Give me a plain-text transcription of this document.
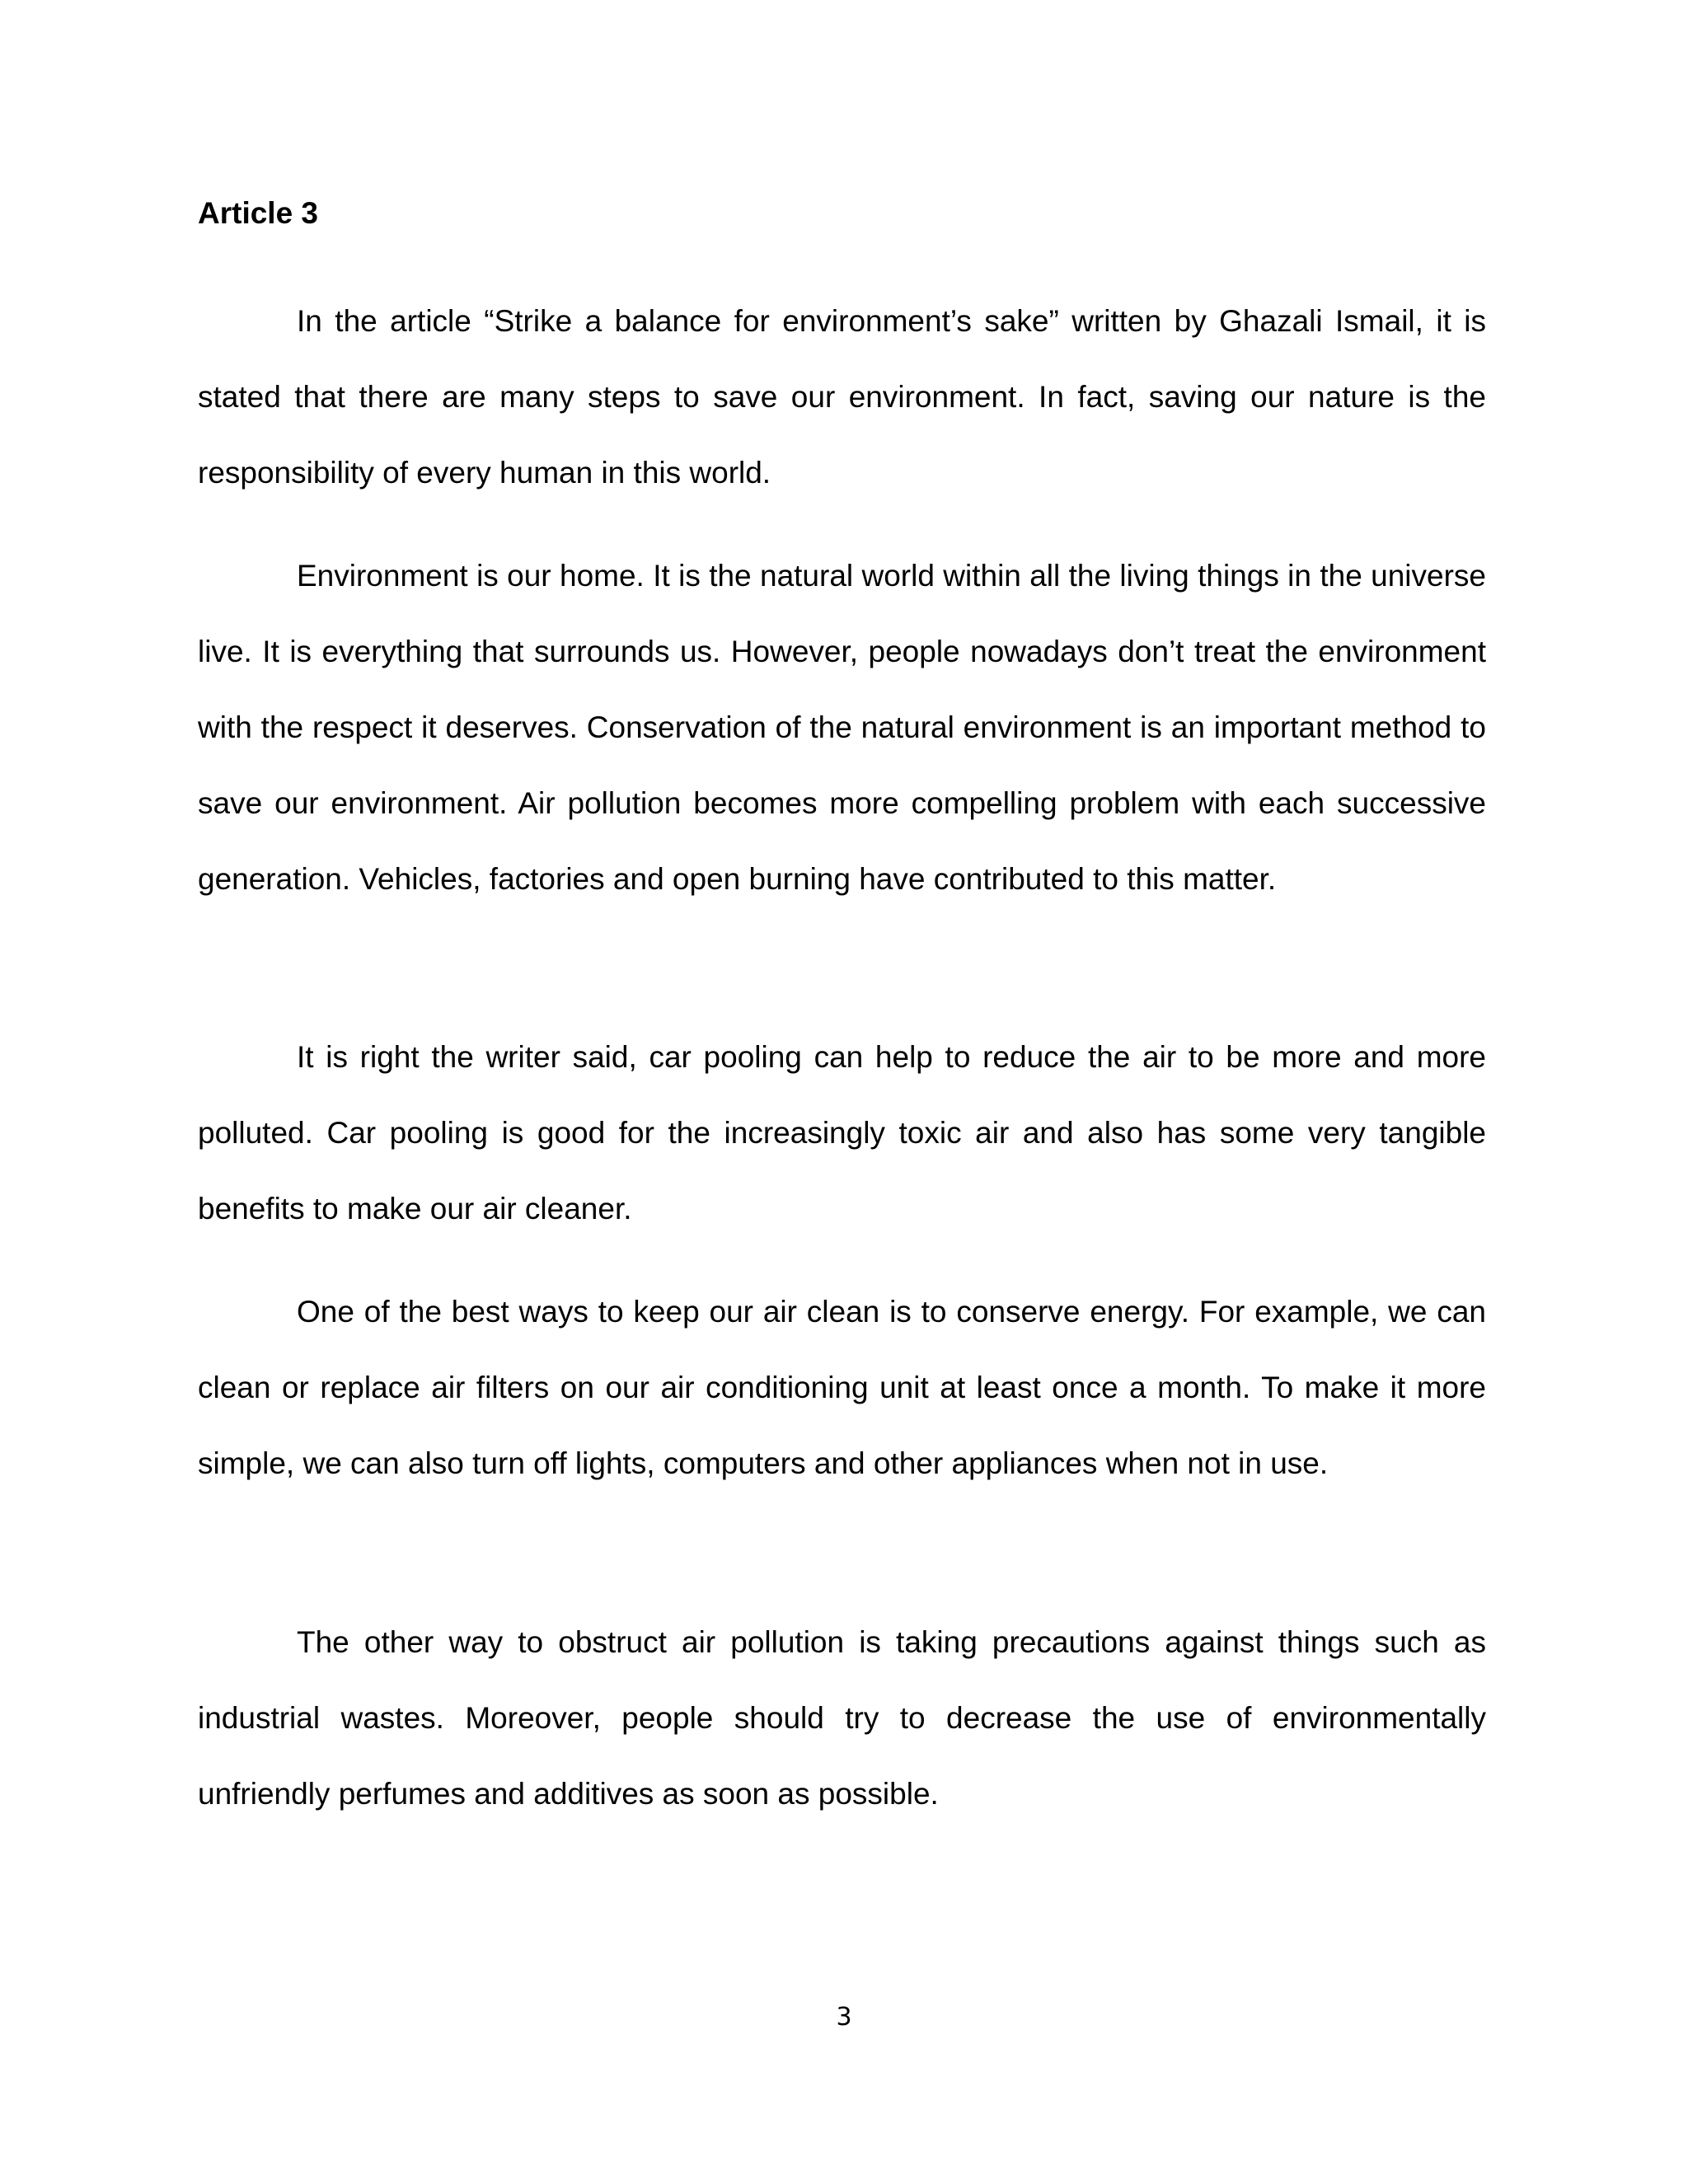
Article 3

In the article “Strike a balance for environment’s sake” written by Ghazali Ismail, it is stated that there are many steps to save our environment. In fact, saving our nature is the responsibility of every human in this world.

Environment is our home. It is the natural world within all the living things in the universe live. It is everything that surrounds us. However, people nowadays don’t treat the environment with the respect it deserves. Conservation of the natural environment is an important method to save our environment. Air pollution becomes more compelling problem with each successive generation. Vehicles, factories and open burning have contributed to this matter.

It is right the writer said, car pooling can help to reduce the air to be more and more polluted. Car pooling is good for the increasingly toxic air and also has some very tangible benefits to make our air cleaner.

One of the best ways to keep our air clean is to conserve energy. For example, we can clean or replace air filters on our air conditioning unit at least once a month. To make it more simple, we can also turn off lights, computers and other appliances when not in use.

The other way to obstruct air pollution is taking precautions against things such as industrial wastes. Moreover, people should try to decrease the use of environmentally unfriendly perfumes and additives as soon as possible.

3
